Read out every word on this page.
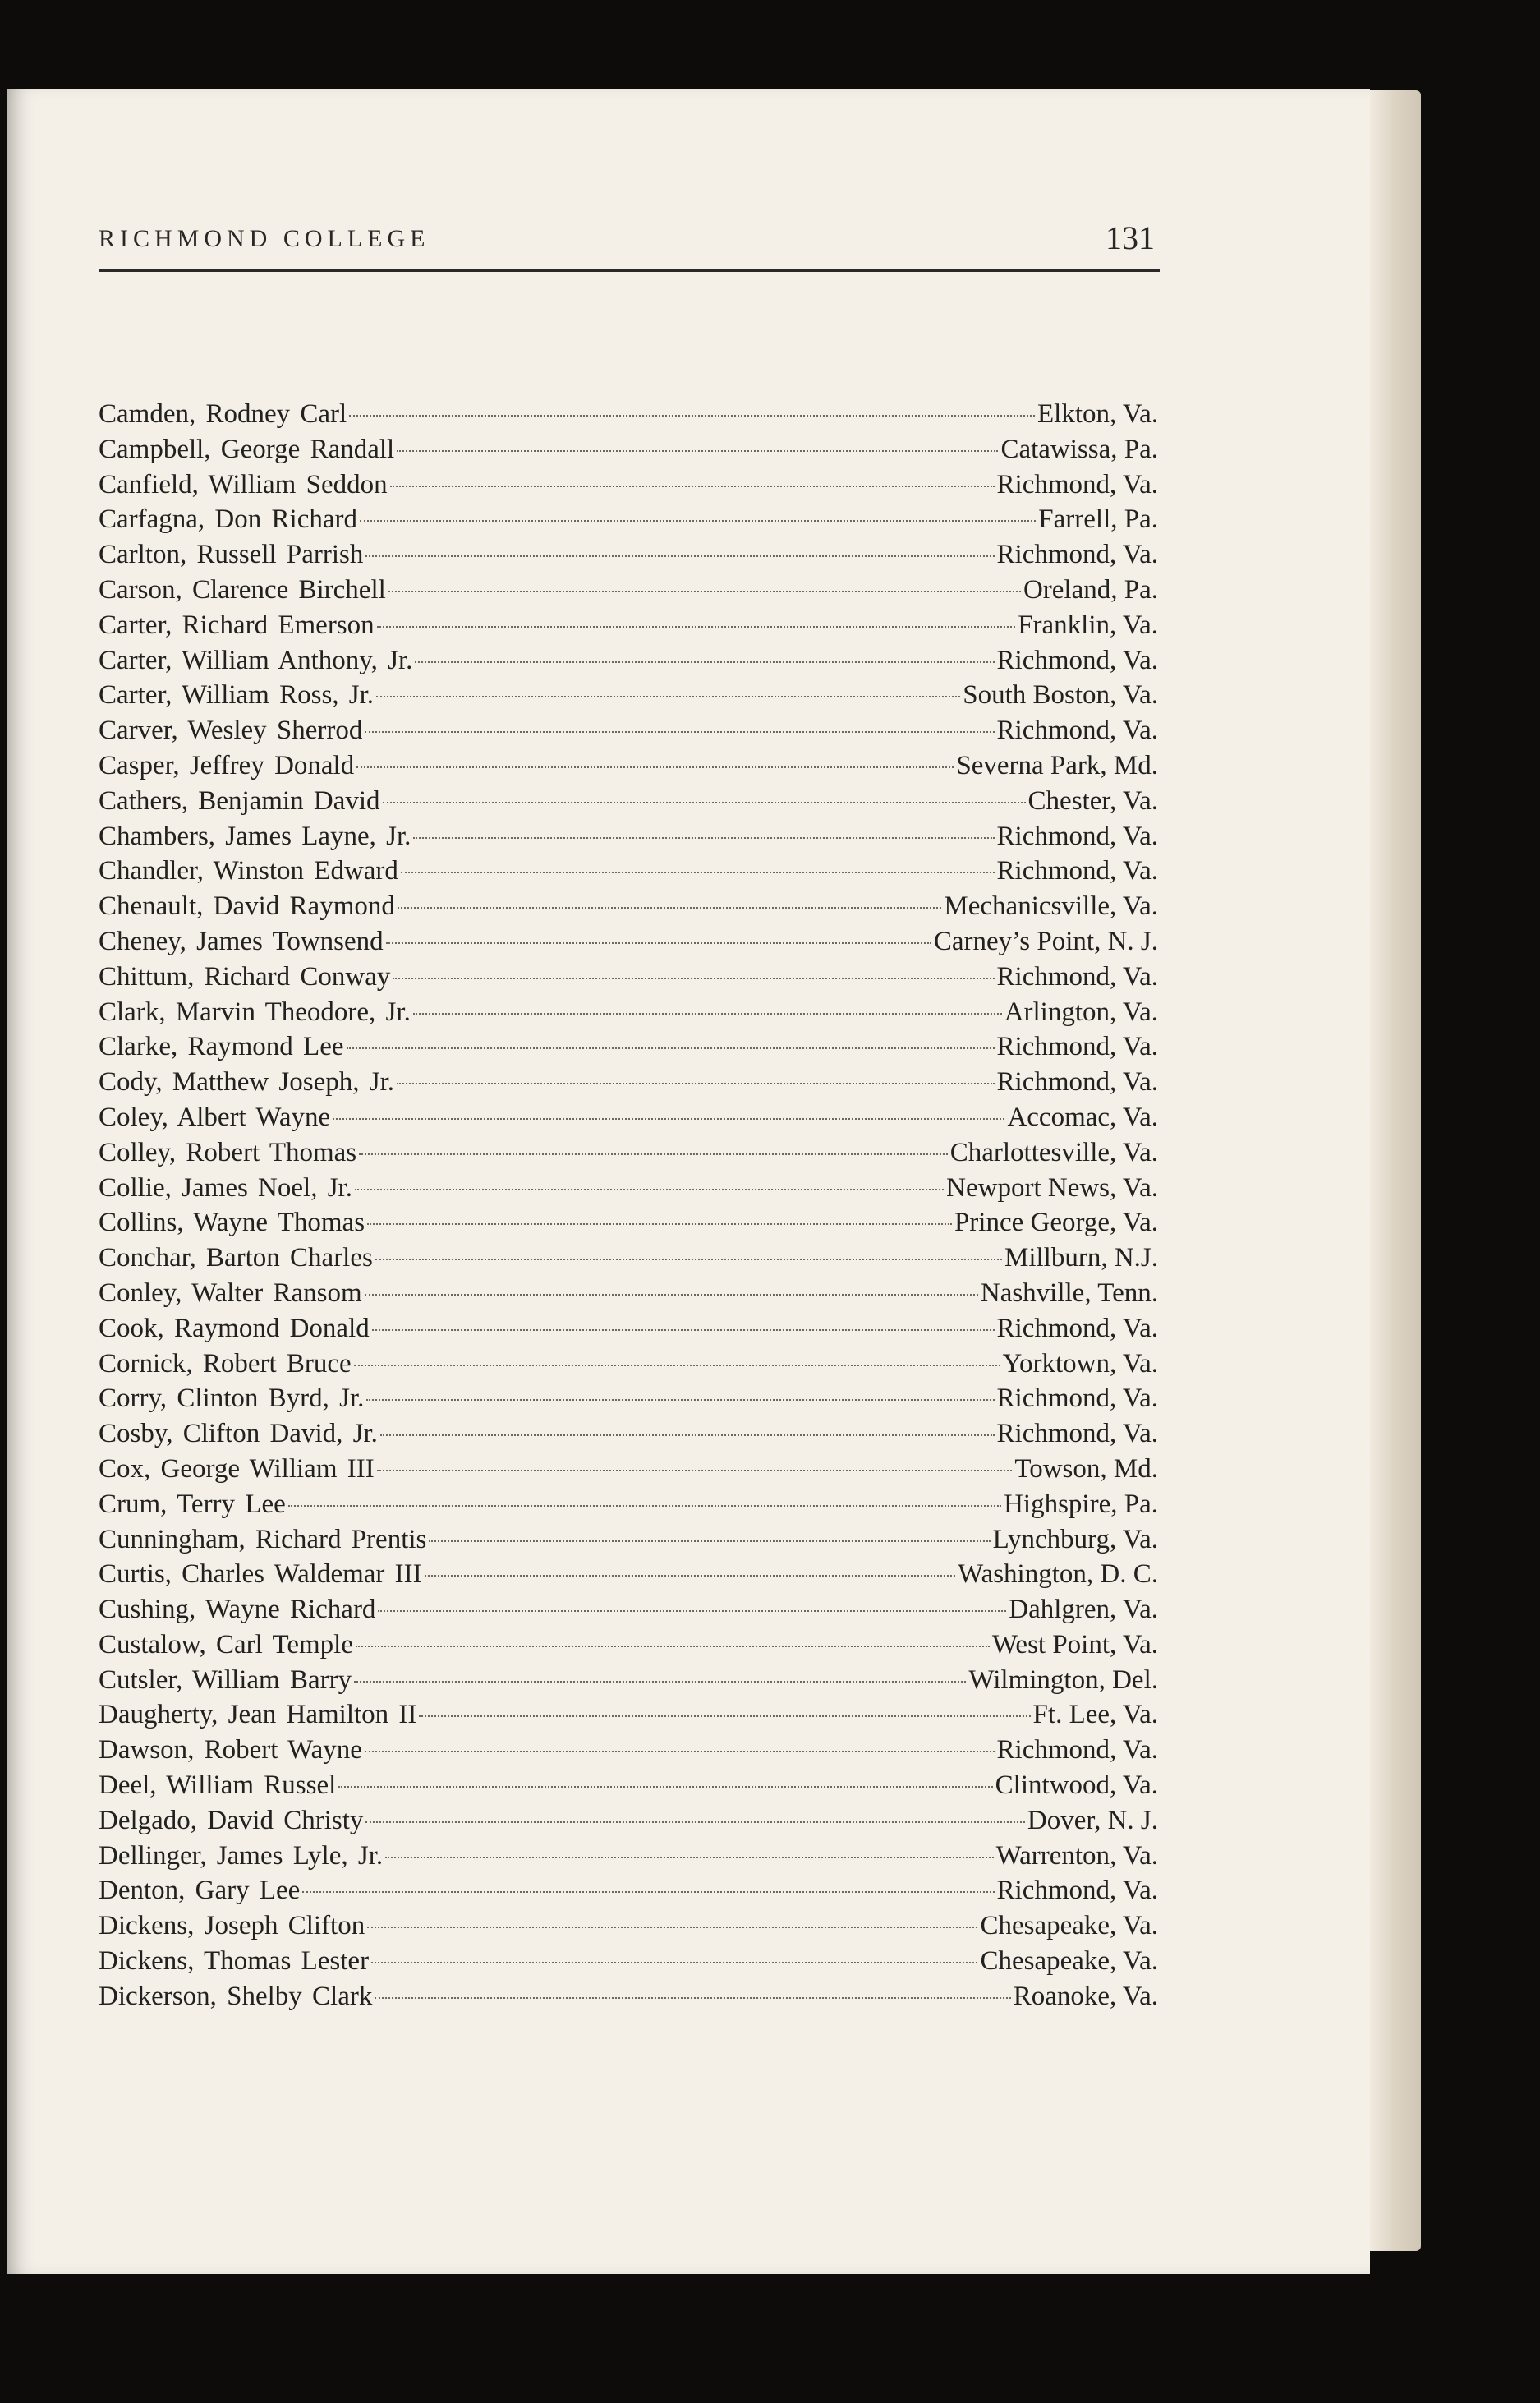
RICHMOND COLLEGE	131
Camden, Rodney Carl	Elkton, Va.
Campbell, George Randall	Catawissa, Pa.
Canfield, William Seddon	Richmond, Va.
Carfagna, Don Richard	Farrell, Pa.
Carlton, Russell Parrish	Richmond, Va.
Carson, Clarence Birchell	Oreland, Pa.
Carter, Richard Emerson	Franklin, Va.
Carter, William Anthony, Jr.	Richmond, Va.
Carter, William Ross, Jr.	South Boston, Va.
Carver, Wesley Sherrod	Richmond, Va.
Casper, Jeffrey Donald	Severna Park, Md.
Cathers, Benjamin David	Chester, Va.
Chambers, James Layne, Jr.	Richmond, Va.
Chandler, Winston Edward	Richmond, Va.
Chenault, David Raymond	Mechanicsville, Va.
Cheney, James Townsend	Carney’s Point, N. J.
Chittum, Richard Conway	Richmond, Va.
Clark, Marvin Theodore, Jr.	Arlington, Va.
Clarke, Raymond Lee	Richmond, Va.
Cody, Matthew Joseph, Jr.	Richmond, Va.
Coley, Albert Wayne	Accomac, Va.
Colley, Robert Thomas	Charlottesville, Va.
Collie, James Noel, Jr.	Newport News, Va.
Collins, Wayne Thomas	Prince George, Va.
Conchar, Barton Charles	Millburn, N.J.
Conley, Walter Ransom	Nashville, Tenn.
Cook, Raymond Donald	Richmond, Va.
Cornick, Robert Bruce	Yorktown, Va.
Corry, Clinton Byrd, Jr.	Richmond, Va.
Cosby, Clifton David, Jr.	Richmond, Va.
Cox, George William III	Towson, Md.
Crum, Terry Lee	Highspire, Pa.
Cunningham, Richard Prentis	Lynchburg, Va.
Curtis, Charles Waldemar III	Washington, D. C.
Cushing, Wayne Richard	Dahlgren, Va.
Custalow, Carl Temple	West Point, Va.
Cutsler, William Barry	Wilmington, Del.
Daugherty, Jean Hamilton II	Ft. Lee, Va.
Dawson, Robert Wayne	Richmond, Va.
Deel, William Russel	Clintwood, Va.
Delgado, David Christy	Dover, N. J.
Dellinger, James Lyle, Jr.	Warrenton, Va.
Denton, Gary Lee	Richmond, Va.
Dickens, Joseph Clifton	Chesapeake, Va.
Dickens, Thomas Lester	Chesapeake, Va.
Dickerson, Shelby Clark	Roanoke, Va.
